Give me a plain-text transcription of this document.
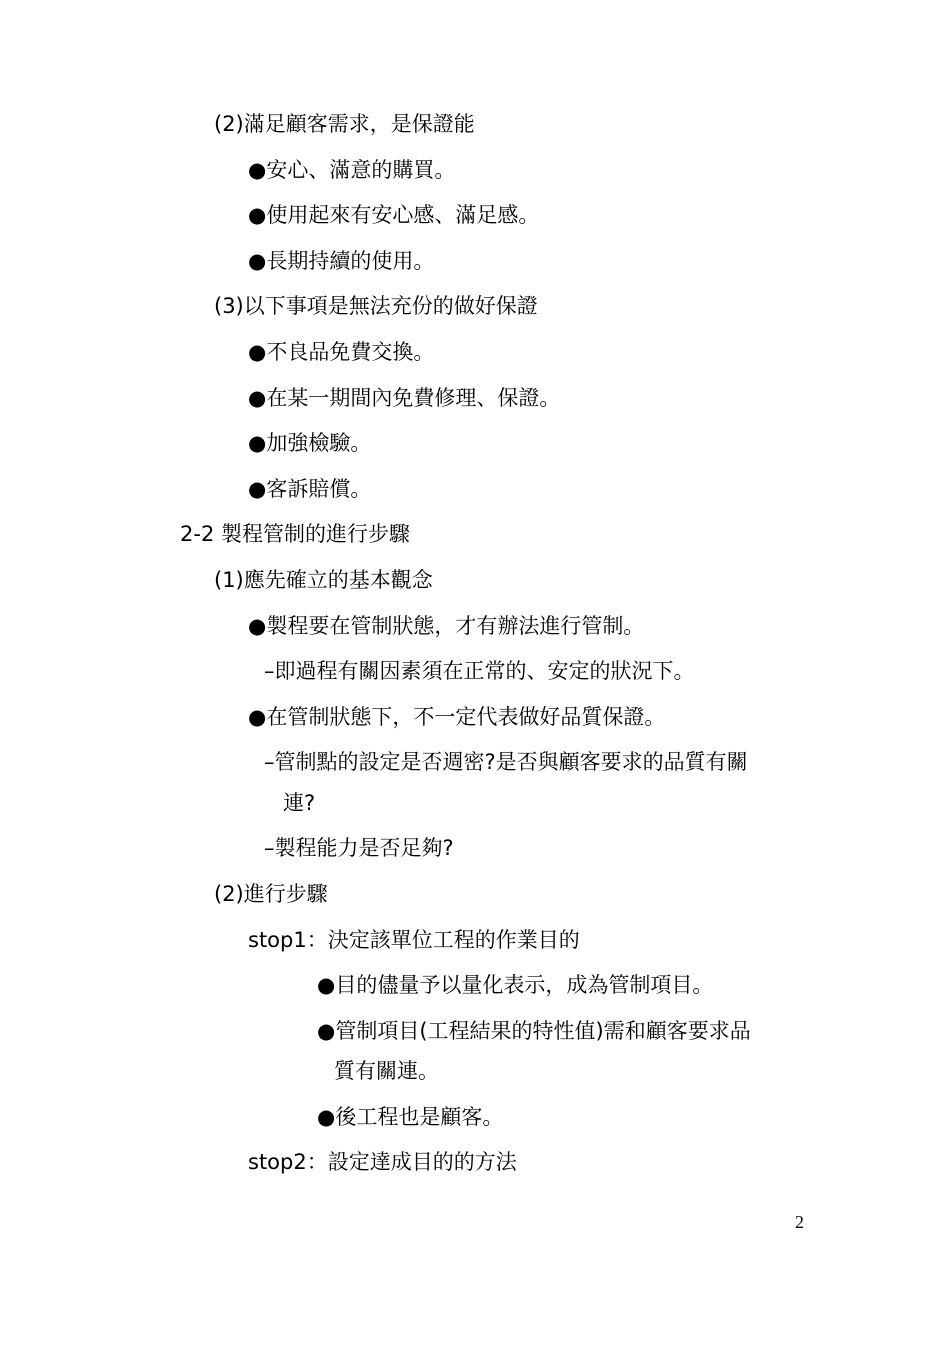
(2)滿足顧客需求，是保證能
●安心、滿意的購買。
●使用起來有安心感、滿足感。
●長期持續的使用。
(3)以下事項是無法充份的做好保證
●不良品免費交換。
●在某一期間內免費修理、保證。
●加強檢驗。
●客訴賠償。
2-2 製程管制的進行步驟
(1)應先確立的基本觀念
●製程要在管制狀態，才有辦法進行管制。
–即過程有關因素須在正常的、安定的狀況下。
●在管制狀態下，不一定代表做好品質保證。
–管制點的設定是否週密?是否與顧客要求的品質有關
連?
–製程能力是否足夠?
(2)進行步驟
stop1：決定該單位工程的作業目的
●目的儘量予以量化表示，成為管制項目。
●管制項目(工程結果的特性值)需和顧客要求品
質有關連。
●後工程也是顧客。
stop2：設定達成目的的方法
2
